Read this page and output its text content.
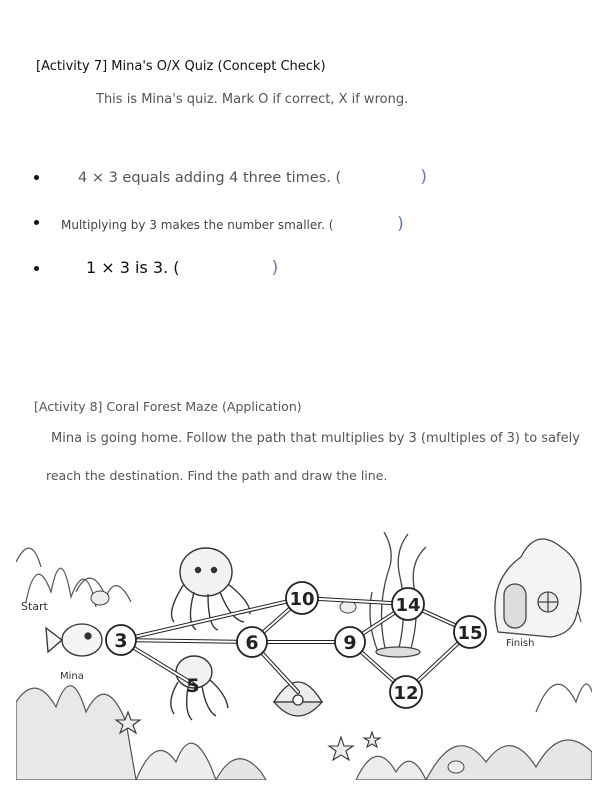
[Activity 7] Mina's O/X Quiz (Concept Check)
This is Mina's quiz. Mark O if correct, X if wrong.
4 × 3 equals adding 4 three times. (	)
Multiplying by 3 makes the number smaller. (	)
1 × 3 is 3. (	)
[Activity 8] Coral Forest Maze (Application)
Mina is going home. Follow the path that multiplies by 3 (multiples of 3) to safely
reach the destination. Find the path and draw the line.
3
5
6	9
10
12
14
15
Start
Finish
Mina
